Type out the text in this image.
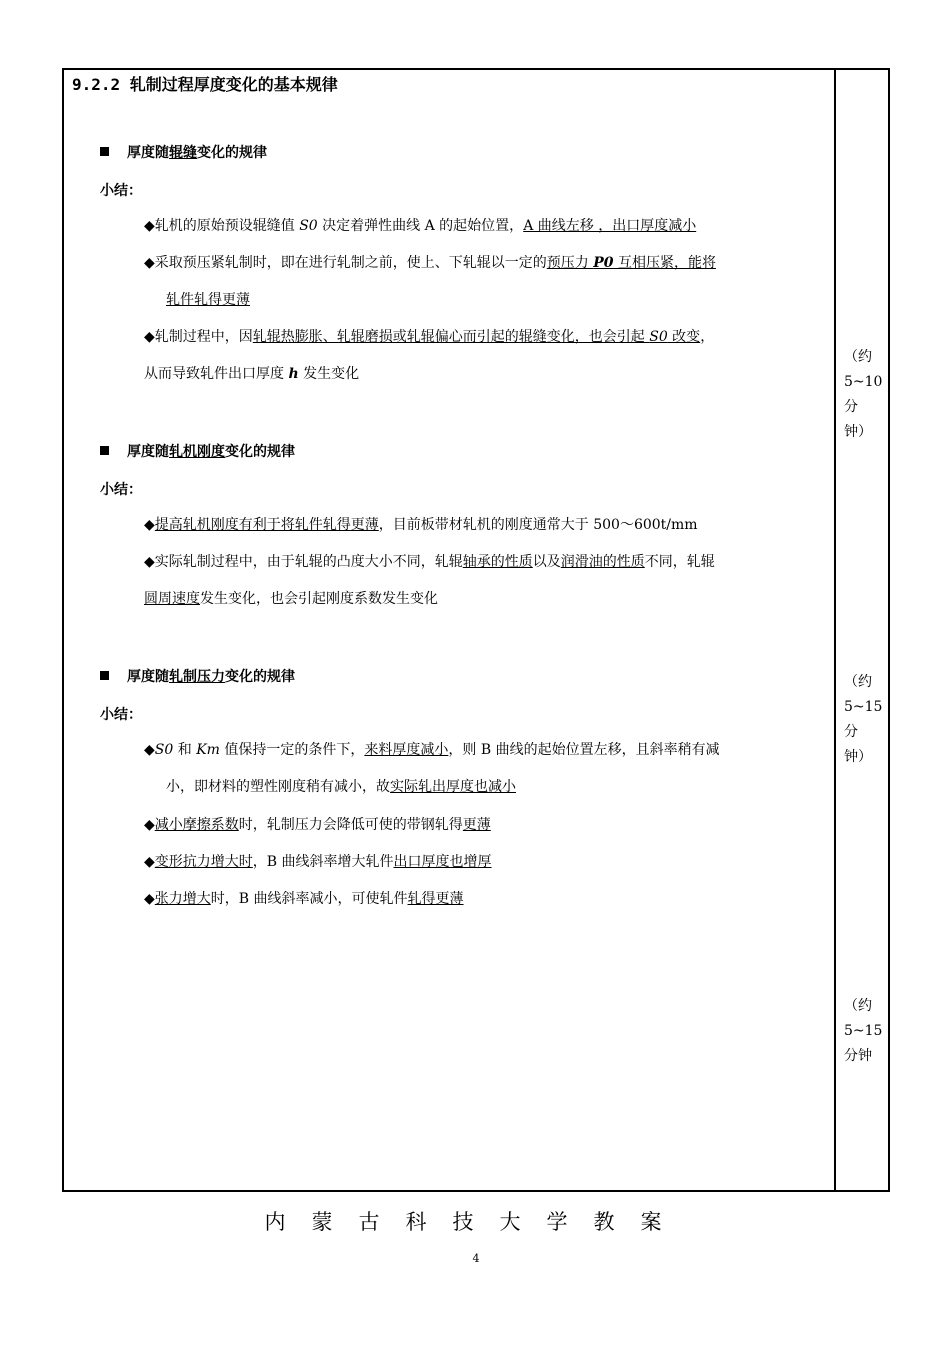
9.2.2 轧制过程厚度变化的基本规律
厚度随辊缝变化的规律
小结：
◆轧机的原始预设辊缝值 S0 决定着弹性曲线 A 的起始位置，A 曲线左移 ，出口厚度减小
◆采取预压紧轧制时，即在进行轧制之前，使上、下轧辊以一定的预压力 P0 互相压紧，能将
轧件轧得更薄
◆轧制过程中，因轧辊热膨胀、轧辊磨损或轧辊偏心而引起的辊缝变化，也会引起 S0 改变，
从而导致轧件出口厚度 h 发生变化
厚度随轧机刚度变化的规律
小结：
◆提高轧机刚度有利于将轧件轧得更薄，目前板带材轧机的刚度通常大于 500～600t/mm
◆实际轧制过程中，由于轧辊的凸度大小不同，轧辊轴承的性质以及润滑油的性质不同，轧辊
圆周速度发生变化，也会引起刚度系数发生变化
厚度随轧制压力变化的规律
小结：
◆S0 和 Km 值保持一定的条件下，来料厚度减小，则 B 曲线的起始位置左移，且斜率稍有减
小，即材料的塑性刚度稍有减小，故实际轧出厚度也减小
◆减小摩擦系数时，轧制压力会降低可使的带钢轧得更薄
◆变形抗力增大时，B 曲线斜率增大轧件出口厚度也增厚
◆张力增大时，B 曲线斜率减小，可使轧件轧得更薄
（约
5~10
分
钟）
（约
5~15
分
钟）
（约
5~15
分钟
内蒙古科技大学教案
4
